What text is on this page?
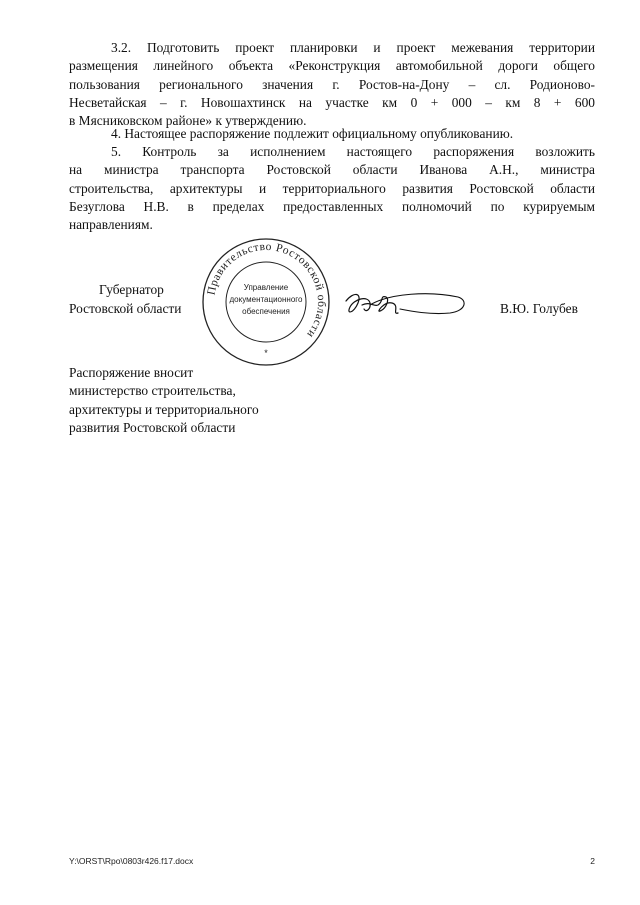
3.2. Подготовить проект планировки и проект межевания территории
размещения линейного объекта «Реконструкция автомобильной дороги общего
пользования регионального значения г. Ростов-на-Дону – сл. Родионово-
Несветайская – г. Новошахтинск на участке км 0 + 000 – км 8 + 600
в Мясниковском районе» к утверждению.
4. Настоящее распоряжение подлежит официальному опубликованию.
5. Контроль за исполнением настоящего распоряжения возложить
на министра транспорта Ростовской области Иванова А.Н., министра
строительства, архитектуры и территориального развития Ростовской области
Безуглова Н.В. в пределах предоставленных полномочий по курируемым
направлениям.
Губернатор
Ростовской области
Правительство Ростовской области
Управление
документационного
обеспечения
*
В.Ю. Голубев
Распоряжение вносит
министерство строительства,
архитектуры и территориального
развития Ростовской области
Y:\ORST\Rpo\0803r426.f17.docx	2
